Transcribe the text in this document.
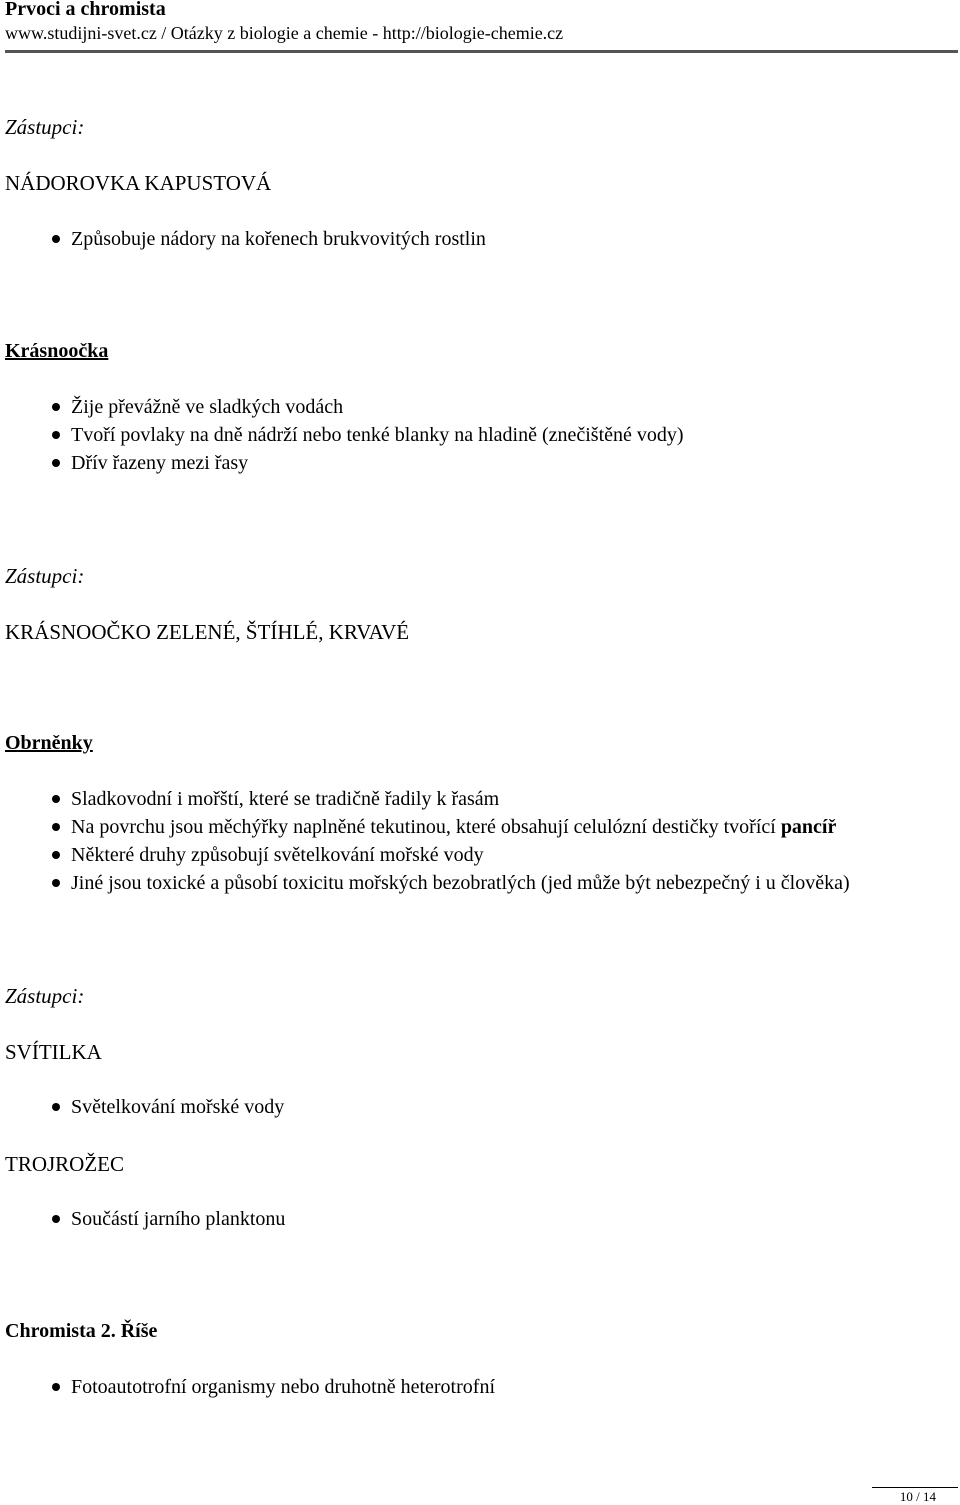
Prvoci a chromista
www.studijni-svet.cz / Otázky z biologie a chemie - http://biologie-chemie.cz
Zástupci:
NÁDOROVKA KAPUSTOVÁ
Způsobuje nádory na kořenech brukvovitých rostlin
Krásnoočka
Žije převážně ve sladkých vodách
Tvoří povlaky na dně nádrží nebo tenké blanky na hladině (znečištěné vody)
Dřív řazeny mezi řasy
Zástupci:
KRÁSNOOČKO ZELENÉ, ŠTÍHLÉ, KRVAVÉ
Obrněnky
Sladkovodní i mořští, které se tradičně řadily k řasám
Na povrchu jsou měchýřky naplněné tekutinou, které obsahují celulózní destičky tvořící pancíř
Některé druhy způsobují světelkování mořské vody
Jiné jsou toxické a působí toxicitu mořských bezobratlých (jed může být nebezpečný i u člověka)
Zástupci:
SVÍTILKA
Světelkování mořské vody
TROJROŽEC
Součástí jarního planktonu
Chromista 2. Říše
Fotoautotrofní organismy nebo druhotně heterotrofní
10 / 14
